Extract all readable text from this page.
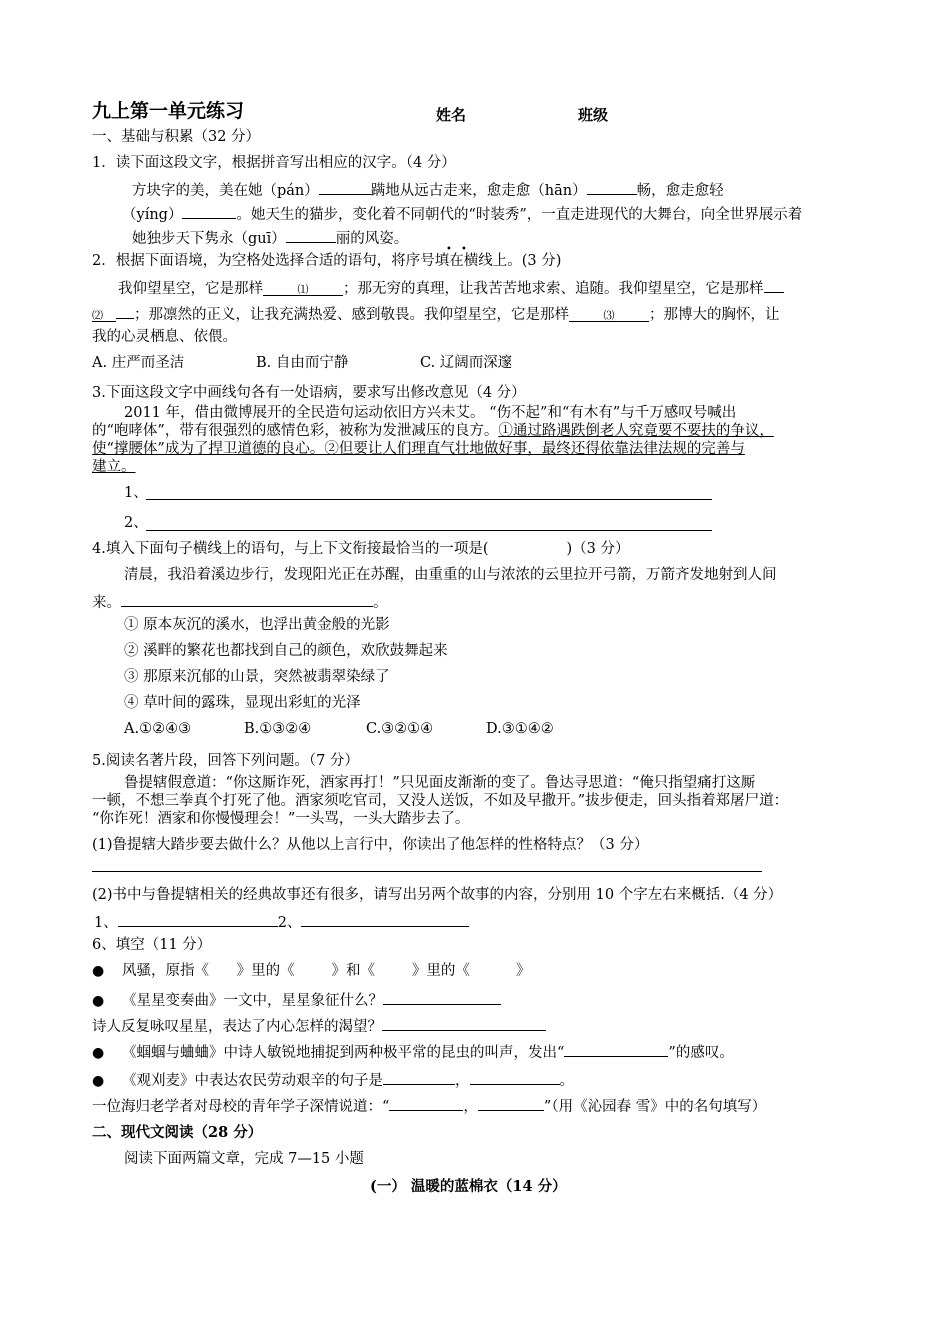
九上第一单元练习	姓名	班级
一、基础与积累（32 分）
1．读下面这段文字，根据拼音写出相应的汉字。（4 分）
方块字的美，美在她（pán）	蹒地从远古走来，愈走愈（hān）	畅，愈走愈轻
（yíng）	。她天生的猫步，变化着不同朝代的“时装秀”，一直走进现代的大舞台，向全世界展示着
她独步天下隽永（guī）	丽的风姿。
2．根据下面语境，为空格处选择合适的语句，将序号填在横线上。(3 分)
• •
我仰望星空，它是那样	⑴ ；那无穷的真理，让我苦苦地求索、追随。我仰望星空，它是那样
⑵ ；那凛然的正义，让我充满热爱、感到敬畏。我仰望星空，它是那样	⑶ ；那博大的胸怀，让
我的心灵栖息、依偎。
A. 庄严而圣洁	B. 自由而宁静	C. 辽阔而深邃
3.下面这段文字中画线句各有一处语病，要求写出修改意见（4 分）
2011 年，借由微博展开的全民造句运动依旧方兴未艾。 “伤不起”和“有木有”与千万感叹号喊出
的“咆哮体”，带有很强烈的感情色彩，被称为发泄减压的良方。①通过路遇跌倒老人究竟要不要扶的争议，
使“撑腰体”成为了捍卫道德的良心。②但要让人们理直气壮地做好事，最终还得依靠法律法规的完善与
建立。
1、
2、
4.填入下面句子横线上的语句，与上下文衔接最恰当的一项是(	)（3 分）
清晨，我沿着溪边步行，发现阳光正在苏醒，由重重的山与浓浓的云里拉开弓箭，万箭齐发地射到人间
来。	。
① 原本灰沉的溪水，也浮出黄金般的光影
② 溪畔的繁花也都找到自己的颜色，欢欣鼓舞起来
③ 那原来沉郁的山景，突然被翡翠染绿了
④ 草叶间的露珠，显现出彩虹的光泽
A.①②④③	B.①③②④	C.③②①④	D.③①④②
5.阅读名著片段，回答下列问题。（7 分）
鲁提辖假意道：“你这厮诈死，酒家再打！”只见面皮渐渐的变了。鲁达寻思道：“俺只指望痛打这厮
一顿，不想三拳真个打死了他。酒家须吃官司，又没人送饭，不如及早撒开。”拔步便走，回头指着郑屠尸道：
“你诈死！酒家和你慢慢理会！”一头骂，一头大踏步去了。
(1)鲁提辖大踏步要去做什么？从他以上言行中，你读出了他怎样的性格特点？（3 分）
(2)书中与鲁提辖相关的经典故事还有很多，请写出另两个故事的内容，分别用 10 个字左右来概括.（4 分）
1、	2、
6、填空（11 分）
● 风骚，原指《      》里的《        》和《        》里的《          》
● 《星星变奏曲》一文中，星星象征什么？
诗人反复咏叹星星，表达了内心怎样的渴望？
● 《蝈蝈与蛐蛐》中诗人敏锐地捕捉到两种极平常的昆虫的叫声，发出“	”的感叹。
● 《观刈麦》中表达农民劳动艰辛的句子是	，	。
一位海归老学者对母校的青年学子深情说道：“	，	”（用《沁园春 雪》中的名句填写）
二、现代文阅读（28 分）
阅读下面两篇文章，完成 7—15 小题
(一） 温暖的蓝棉衣（14 分）
